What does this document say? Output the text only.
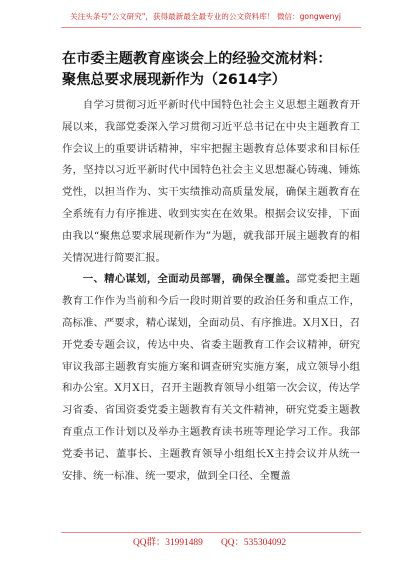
关注头条号"公文研究"，获得最新最全最专业的公文资料库！ 微信：gongwenyj
在市委主题教育座谈会上的经验交流材料：
聚焦总要求展现新作为（2614字）

自学习贯彻习近平新时代中国特色社会主义思想主题教育开展以来，我部党委深入学习贯彻习近平总书记在中央主题教育工作会议上的重要讲话精神，牢牢把握主题教育总体要求和目标任务，坚持以习近平新时代中国特色社会主义思想凝心铸魂、锤炼党性，以担当作为、实干实绩推动高质量发展，确保主题教育在全系统有力有序推进、收到实实在在效果。根据会议安排，下面由我以“聚焦总要求展现新作为”为题，就我部开展主题教育的相关情况进行简要汇报。

一、精心谋划，全面动员部署，确保全覆盖。部党委把主题教育工作作为当前和今后一段时期首要的政治任务和重点工作，高标准、严要求，精心谋划，全面动员、有序推进。X月X日，召开党委专题会议，传达中央、省委主题教育工作会议精神，研究审议我部主题教育实施方案和调查研究实施方案，成立领导小组和办公室。X月X日，召开主题教育领导小组第一次会议，传达学习省委、省国资委党委主题教育有关文件精神，研究党委主题教育重点工作计划以及举办主题教育读书班等理论学习工作。我部党委书记、董事长、主题教育领导小组组长X主持会议并从统一安排、统一标准、统一要求，做到全口径、全覆盖

QQ群：31991489 QQ：535304092
